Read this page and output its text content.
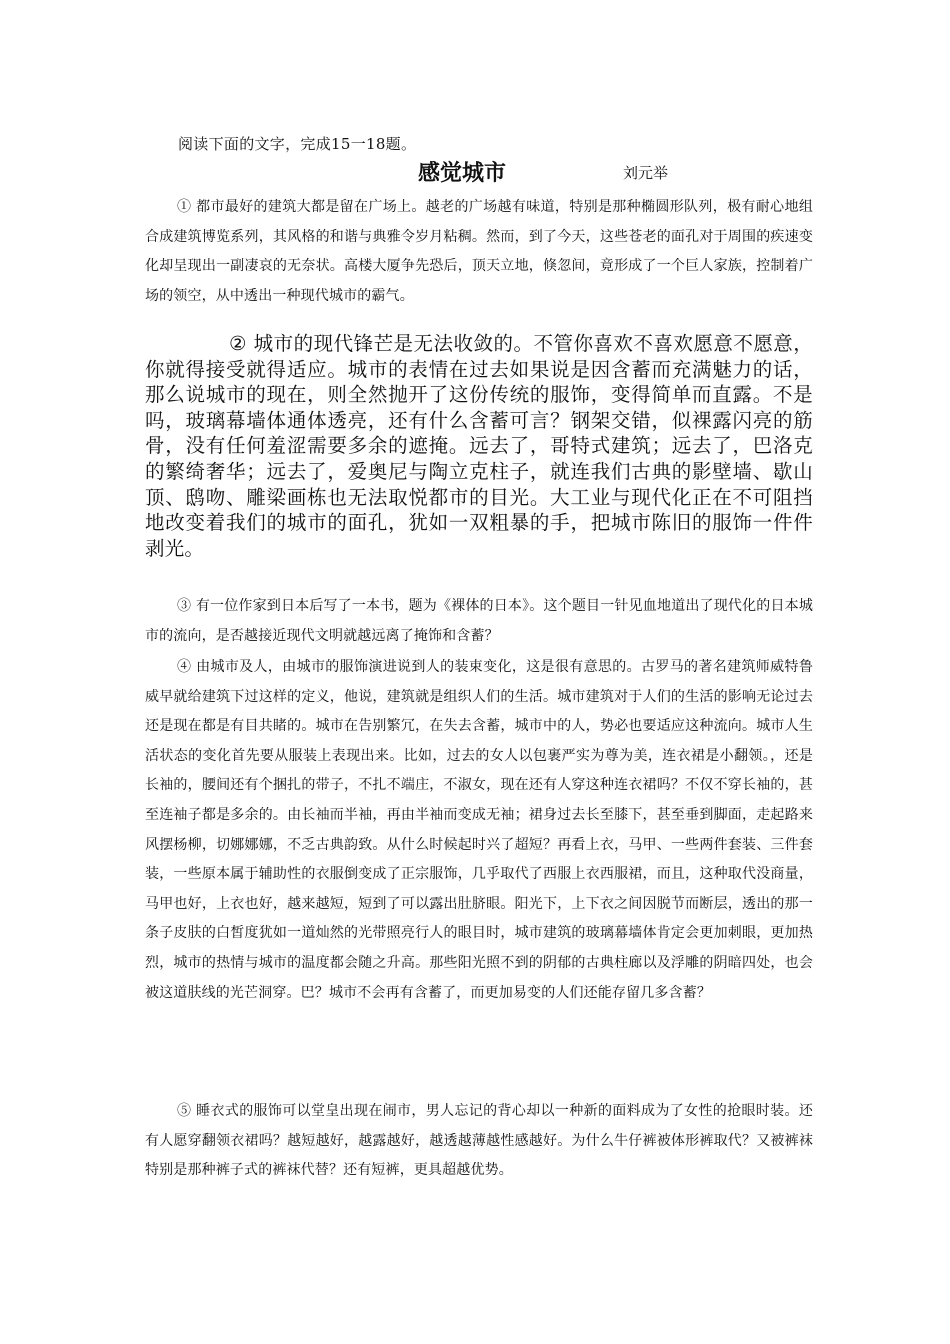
阅读下面的文字，完成15一18题。
感觉城市	刘元举
① 都市最好的建筑大都是留在广场上。越老的广场越有味道，特别是那种椭圆形队列，极有耐心地组合成建筑博览系列，其风格的和谐与典雅令岁月粘稠。然而，到了今天，这些苍老的面孔对于周围的疾速变化却呈现出一副凄哀的无奈状。高楼大厦争先恐后，顶天立地，倏忽间，竟形成了一个巨人家族，控制着广场的领空，从中透出一种现代城市的霸气。
② 城市的现代锋芒是无法收敛的。不管你喜欢不喜欢愿意不愿意，你就得接受就得适应。城市的表情在过去如果说是因含蓄而充满魅力的话，那么说城市的现在，则全然抛开了这份传统的服饰，变得简单而直露。不是吗，玻璃幕墙体通体透亮，还有什么含蓄可言？钢架交错，似裸露闪亮的筋骨，没有任何羞涩需要多余的遮掩。远去了，哥特式建筑；远去了，巴洛克的繁绮奢华；远去了，爱奥尼与陶立克柱子，就连我们古典的影壁墙、歇山顶、鸱吻、雕梁画栋也无法取悦都市的目光。大工业与现代化正在不可阻挡地改变着我们的城市的面孔，犹如一双粗暴的手，把城市陈旧的服饰一件件剥光。
③ 有一位作家到日本后写了一本书，题为《裸体的日本》。这个题目一针见血地道出了现代化的日本城市的流向，是否越接近现代文明就越远离了掩饰和含蓄？
④ 由城市及人，由城市的服饰演进说到人的装束变化，这是很有意思的。古罗马的著名建筑师威特鲁威早就给建筑下过这样的定义，他说，建筑就是组织人们的生活。城市建筑对于人们的生活的影响无论过去还是现在都是有目共睹的。城市在告别繁冗，在失去含蓄，城市中的人，势必也要适应这种流向。城市人生活状态的变化首先要从服装上表现出来。比如，过去的女人以包裹严实为尊为美，连衣裙是小翻领。，还是长袖的，腰间还有个捆扎的带子，不扎不端庄，不淑女，现在还有人穿这种连衣裙吗？不仅不穿长袖的，甚至连袖子都是多余的。由长袖而半袖，再由半袖而变成无袖；裙身过去长至膝下，甚至垂到脚面，走起路来风摆杨柳，切娜娜娜，不乏古典韵致。从什么时候起时兴了超短？再看上衣，马甲、一些两件套装、三件套装，一些原本属于辅助性的衣服倒变成了正宗服饰，几乎取代了西服上衣西服裙，而且，这种取代没商量，马甲也好，上衣也好，越来越短，短到了可以露出肚脐眼。阳光下，上下衣之间因脱节而断层，透出的那一条子皮肤的白皙度犹如一道灿然的光带照亮行人的眼目时，城市建筑的玻璃幕墙体肯定会更加刺眼，更加热烈，城市的热情与城市的温度都会随之升高。那些阳光照不到的阴郁的古典柱廊以及浮雕的阴暗四处，也会被这道肤线的光芒洞穿。巴？城市不会再有含蓄了，而更加易变的人们还能存留几多含蓄？
⑤ 睡衣式的服饰可以堂皇出现在闹市，男人忘记的背心却以一种新的面料成为了女性的抢眼时装。还有人愿穿翻领衣裙吗？越短越好，越露越好，越透越薄越性感越好。为什么牛仔裤被体形裤取代？又被裤袜特别是那种裤子式的裤袜代替？还有短裤，更具超越优势。
